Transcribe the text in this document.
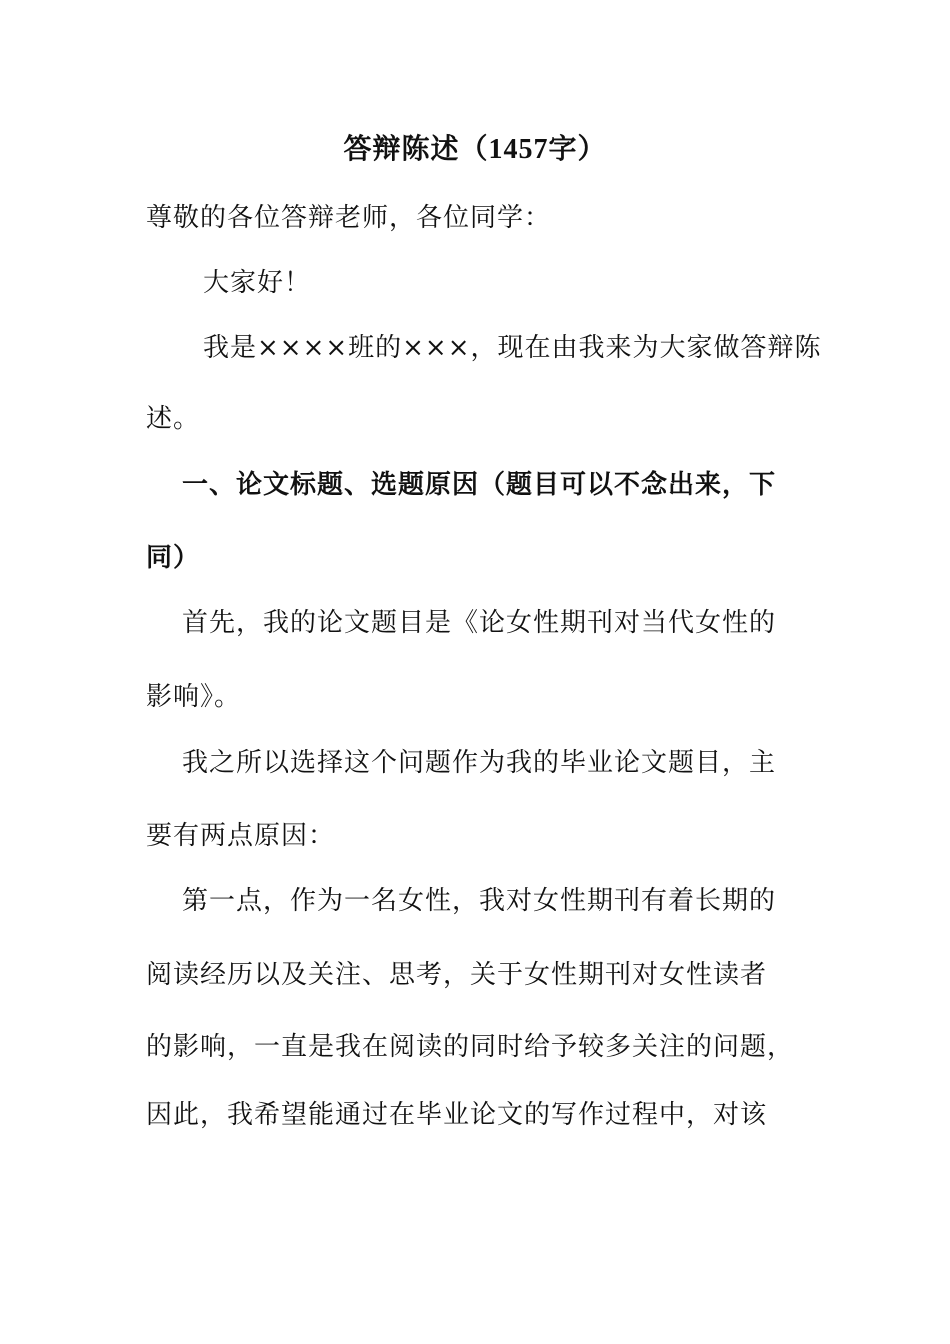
答辩陈述（1457字）
尊敬的各位答辩老师，各位同学：
大家好！
我是××××班的×××，现在由我来为大家做答辩陈
述。
一、论文标题、选题原因（题目可以不念出来，下
同）
首先，我的论文题目是《论女性期刊对当代女性的
影响》。
我之所以选择这个问题作为我的毕业论文题目，主
要有两点原因：
第一点，作为一名女性，我对女性期刊有着长期的
阅读经历以及关注、思考，关于女性期刊对女性读者
的影响，一直是我在阅读的同时给予较多关注的问题，
因此，我希望能通过在毕业论文的写作过程中，对该
